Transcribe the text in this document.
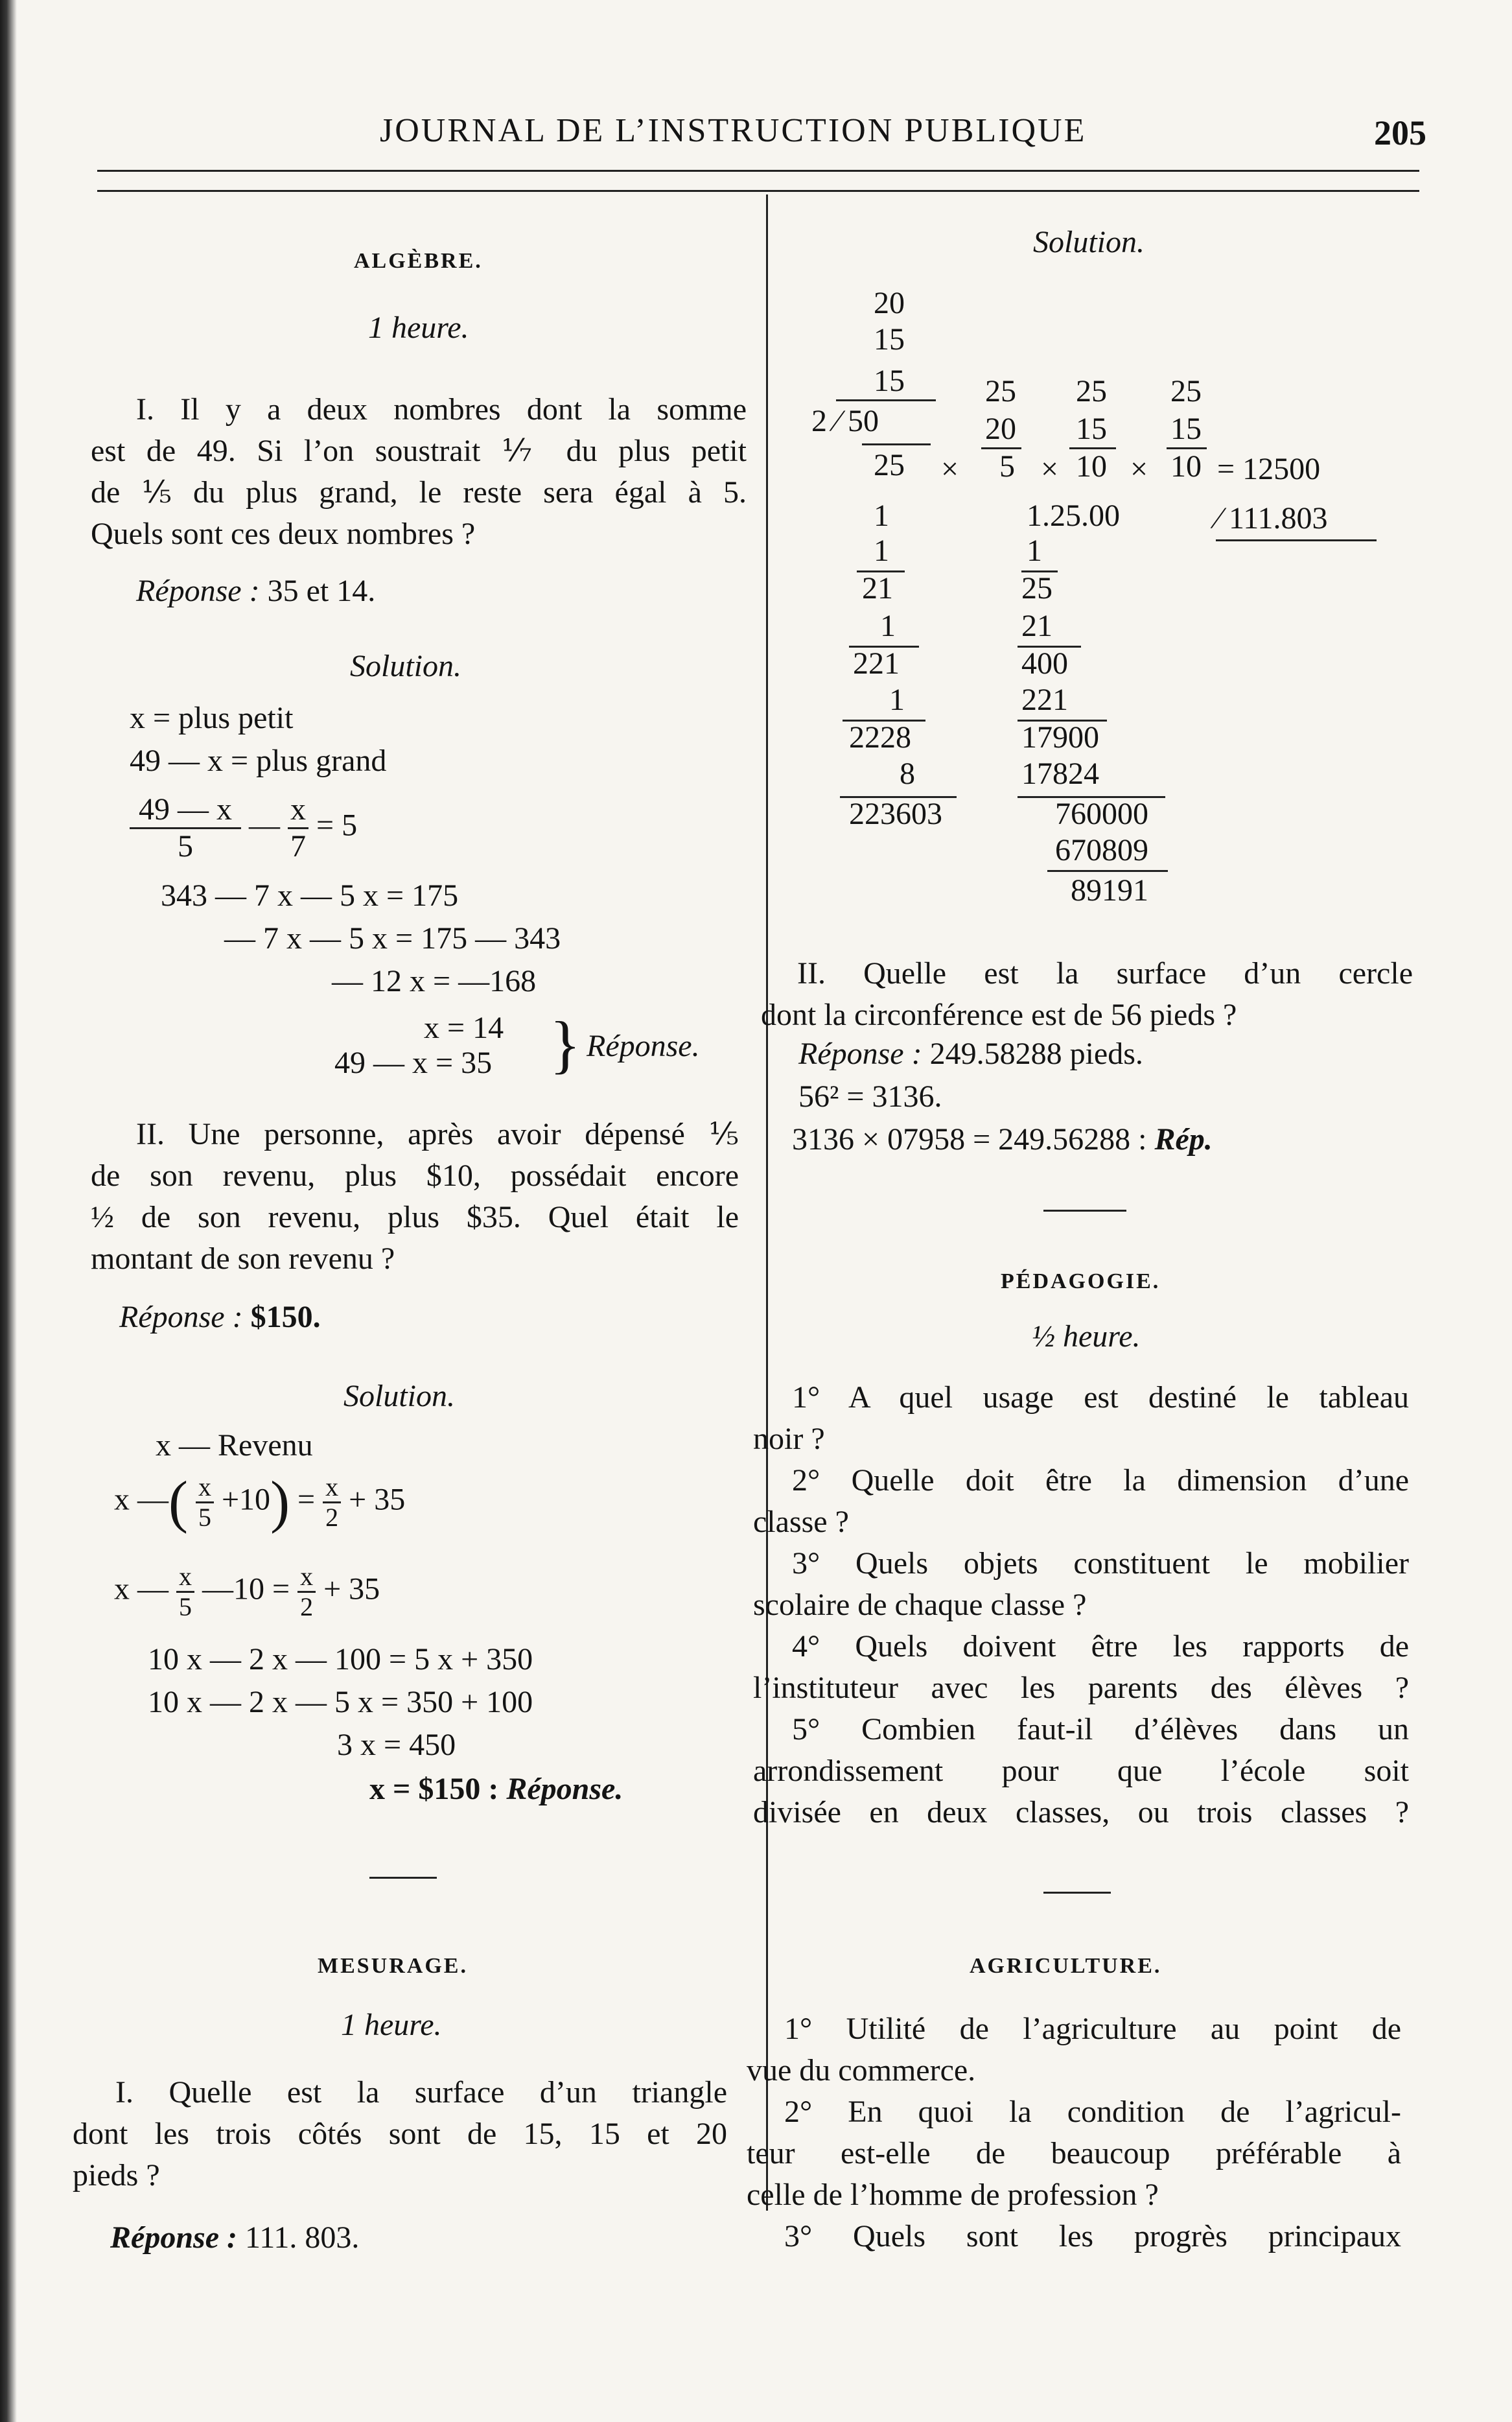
JOURNAL DE L’INSTRUCTION PUBLIQUE	205
ALGÈBRE.
1 heure.
I. Il y a deux nombres dont la somme
est de 49. Si l’on soustrait ⅐ du plus petit
de ⅕ du plus grand, le reste sera égal à 5.
Quels sont ces deux nombres ?
Réponse : 35 et 14.
Solution.
x = plus petit
49 — x = plus grand
$\frac{49 — x}{5}$ — $\frac{x}{7} = 5$
343 — 7 x — 5 x = 175
— 7 x — 5 x = 175 — 343
— 12 x = —168
x = 14
49 — x = 35 } Réponse.
II. Une personne, après avoir dépensé ⅕
de son revenu, plus $10, possédait encore
½ de son revenu, plus $35. Quel était le
montant de son revenu ?
Réponse : $150.
Solution.
x — Revenu
x —( $\frac{x}{5} +10) = \frac{x}{2} + 35$
x — $\frac{x}{5}$ —10 = $\frac{x}{2} + 35$
10 x — 2 x — 100 = 5 x + 350
10 x — 2 x — 5 x = 350 + 100
3 x = 450
x = $150 : Réponse.
MESURAGE.
1 heure.
I. Quelle est la surface d’un triangle
dont les trois côtés sont de 15, 15 et 20
pieds ?
Réponse : 111. 803.
Solution.
20
15
15
2 ⁄ 50
25 ×
25
20
5 ×
25
15
10 ×
25
15
10 = 12500
1
1
21
1
221
1
2228
8
223603
1.25.00
1
25
21
400
221
17900
17824
760000
670809
89191
⁄ 111.803
II. Quelle est la surface d’un cercle
dont la circonférence est de 56 pieds ?
Réponse : 249.58288 pieds.
56² = 3136.
3136 × 07958 = 249.56288 : Rép.
PÉDAGOGIE.
½ heure.
1° A quel usage est destiné le tableau
noir ?
2° Quelle doit être la dimension d’une
classe ?
3° Quels objets constituent le mobilier
scolaire de chaque classe ?
4° Quels doivent être les rapports de
l’instituteur avec les parents des élèves ?
5° Combien faut-il d’élèves dans un
arrondissement pour que l’école soit
divisée en deux classes, ou trois classes ?
AGRICULTURE.
1° Utilité de l’agriculture au point de
vue du commerce.
2° En quoi la condition de l’agricul-
teur est-elle de beaucoup préférable à
celle de l’homme de profession ?
3° Quels sont les progrès principaux
